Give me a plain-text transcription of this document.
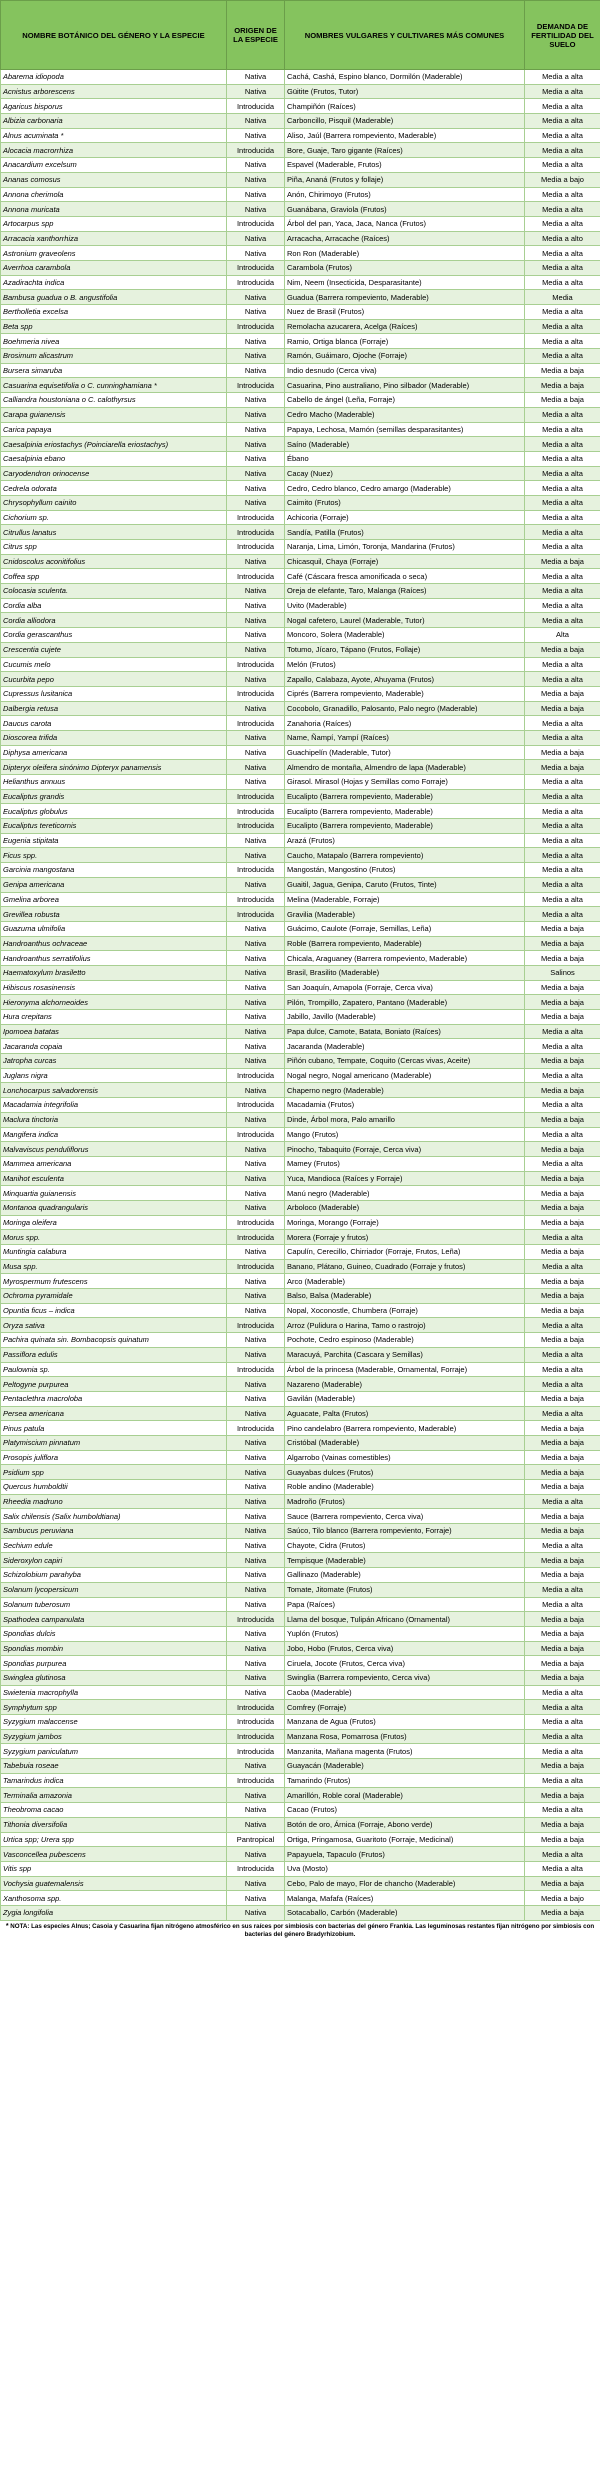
NOMBRE BOTÁNICO DEL GÉNERO Y LA ESPECIE	ORIGEN DE LA ESPECIE	NOMBRES VULGARES Y CULTIVARES MÁS COMUNES	DEMANDA DE FERTILIDAD DEL SUELO
Abarema idiopoda	Nativa	Cachá, Cashá, Espino blanco, Dormilón (Maderable)	Media a alta
Acnistus arborescens	Nativa	Güitite (Frutos, Tutor)	Media a alta
Agaricus bisporus	Introducida	Champiñón (Raíces)	Media a alta
Albizia carbonaria	Nativa	Carboncillo, Pisquil (Maderable)	Media a alta
Alnus acuminata *	Nativa	Aliso, Jaúl (Barrera rompeviento, Maderable)	Media a alta
Alocacia macrorrhiza	Introducida	Bore, Guaje, Taro gigante (Raíces)	Media a alta
Anacardium excelsum	Nativa	Espavel (Maderable, Frutos)	Media a alta
Ananas comosus	Nativa	Piña, Ananá (Frutos y follaje)	Media a bajo
Annona cherimola	Nativa	Anón, Chirimoyo (Frutos)	Media a alta
Annona muricata	Nativa	Guanábana, Graviola (Frutos)	Media a alta
Artocarpus spp	Introducida	Árbol del pan, Yaca, Jaca, Nanca (Frutos)	Media a alta
Arracacia xanthorrhiza	Nativa	Arracacha, Arracache (Raíces)	Media a alto
Astronium graveolens	Nativa	Ron Ron (Maderable)	Media a alta
Averrhoa carambola	Introducida	Carambola (Frutos)	Media a alta
Azadirachta indica	Introducida	Nim, Neem (Insecticida, Desparasitante)	Media a alta
Bambusa guadua o B. angustifolia	Nativa	Guadua (Barrera rompeviento, Maderable)	Media
Bertholletia excelsa	Nativa	Nuez de Brasil (Frutos)	Media a alta
Beta spp	Introducida	Remolacha azucarera, Acelga (Raíces)	Media a alta
Boehmeria nivea	Nativa	Ramio, Ortiga blanca (Forraje)	Media a alta
Brosimum alicastrum	Nativa	Ramón, Guáimaro, Ojoche (Forraje)	Media a alta
Bursera simaruba	Nativa	Indio desnudo (Cerca viva)	Media a baja
Casuarina equisetifolia o C. cunninghamiana *	Introducida	Casuarina, Pino australiano, Pino silbador (Maderable)	Media a baja
Calliandra houstoniana o C. calothyrsus	Nativa	Cabello de ángel (Leña, Forraje)	Media a baja
Carapa guianensis	Nativa	Cedro Macho (Maderable)	Media a alta
Carica papaya	Nativa	Papaya, Lechosa, Mamón (semillas desparasitantes)	Media a alta
Caesalpinia eriostachys (Poinciarella eriostachys)	Nativa	Saíno (Maderable)	Media a alta
Caesalpinia ebano	Nativa	Ébano	Media a alta
Caryodendron orinocense	Nativa	Cacay (Nuez)	Media a alta
Cedrela odorata	Nativa	Cedro, Cedro blanco, Cedro amargo (Maderable)	Media a alta
Chrysophyllum cainito	Nativa	Caimito (Frutos)	Media a alta
Cichorium sp.	Introducida	Achicoria (Forraje)	Media a alta
Citrullus lanatus	Introducida	Sandía, Patilla (Frutos)	Media a alta
Citrus spp	Introducida	Naranja, Lima, Limón, Toronja, Mandarina (Frutos)	Media a alta
Cnidoscolus aconitifolius	Nativa	Chicasquil, Chaya (Forraje)	Media a baja
Coffea spp	Introducida	Café (Cáscara fresca amonificada o seca)	Media a alta
Colocasia sculenta.	Nativa	Oreja de elefante, Taro, Malanga (Raíces)	Media a alta
Cordia alba	Nativa	Uvito (Maderable)	Media a alta
Cordia alliodora	Nativa	Nogal cafetero, Laurel (Maderable, Tutor)	Media a alta
Cordia gerascanthus	Nativa	Moncoro, Solera (Maderable)	Alta
Crescentia cujete	Nativa	Totumo, Jícaro, Tápano (Frutos, Follaje)	Media a baja
Cucumis melo	Introducida	Melón (Frutos)	Media a alta
Cucurbita pepo	Nativa	Zapallo, Calabaza, Ayote, Ahuyama (Frutos)	Media a alta
Cupressus lusitanica	Introducida	Ciprés (Barrera rompeviento, Maderable)	Media a baja
Dalbergia retusa	Nativa	Cocobolo, Granadillo, Palosanto, Palo negro (Maderable)	Media a baja
Daucus carota	Introducida	Zanahoria (Raíces)	Media a alta
Dioscorea trifida	Nativa	Name, Ñampí, Yampí (Raíces)	Media a alta
Diphysa americana	Nativa	Guachipelín (Maderable, Tutor)	Media a baja
Dipteryx oleifera sinónimo Dipteryx panamensis	Nativa	Almendro de montaña, Almendro de lapa (Maderable)	Media a baja
Helianthus annuus	Nativa	Girasol. Mirasol (Hojas y Semillas como Forraje)	Media a alta
Eucaliptus grandis	Introducida	Eucalipto (Barrera rompeviento, Maderable)	Media a alta
Eucaliptus globulus	Introducida	Eucalipto (Barrera rompeviento, Maderable)	Media a alta
Eucaliptus tereticornis	Introducida	Eucalipto (Barrera rompeviento, Maderable)	Media a alta
Eugenia stipitata	Nativa	Arazá (Frutos)	Media a alta
Ficus spp.	Nativa	Caucho, Matapalo (Barrera rompeviento)	Media a alta
Garcinia mangostana	Introducida	Mangostán, Mangostino (Frutos)	Media a alta
Genipa americana	Nativa	Guaitil, Jagua, Genipa, Caruto (Frutos, Tinte)	Media a alta
Gmelina arborea	Introducida	Melina (Maderable, Forraje)	Media a alta
Grevillea robusta	Introducida	Gravilia (Maderable)	Media a alta
Guazuma ulmifolia	Nativa	Guácimo, Caulote (Forraje, Semillas, Leña)	Media a baja
Handroanthus ochraceae	Nativa	Roble (Barrera rompeviento, Maderable)	Media a baja
Handroanthus serratifolius	Nativa	Chicala, Araguaney (Barrera rompeviento, Maderable)	Media a baja
Haematoxylum brasiletto	Nativa	Brasil, Brasilito (Maderable)	Salinos
Hibiscus rosasinensis	Nativa	San Joaquín, Amapola (Forraje, Cerca viva)	Media a baja
Hieronyma alchorneoides	Nativa	Pilón, Trompillo, Zapatero, Pantano (Maderable)	Media a baja
Hura crepitans	Nativa	Jabillo, Javillo (Maderable)	Media a baja
Ipomoea batatas	Nativa	Papa dulce, Camote, Batata, Boniato (Raíces)	Media a alta
Jacaranda copaia	Nativa	Jacaranda (Maderable)	Media a alta
Jatropha curcas	Nativa	Piñón cubano, Tempate, Coquito (Cercas vivas, Aceite)	Media a baja
Juglans nigra	Introducida	Nogal negro, Nogal americano (Maderable)	Media a alta
Lonchocarpus salvadorensis	Nativa	Chaperno negro (Maderable)	Media a baja
Macadamia integrifolia	Introducida	Macadamia (Frutos)	Media a alta
Maclura tinctoria	Nativa	Dinde, Árbol mora, Palo amarillo	Media a baja
Mangifera indica	Introducida	Mango (Frutos)	Media a alta
Malvaviscus penduliflorus	Nativa	Pinocho, Tabaquito (Forraje, Cerca viva)	Media a baja
Mammea americana	Nativa	Mamey (Frutos)	Media a alta
Manihot esculenta	Nativa	Yuca, Mandioca (Raíces y Forraje)	Media a baja
Minquartia guianensis	Nativa	Manú negro (Maderable)	Media a baja
Montanoa quadrangularis	Nativa	Arboloco (Maderable)	Media a baja
Moringa oleifera	Introducida	Moringa, Morango (Forraje)	Media a baja
Morus spp.	Introducida	Morera (Forraje y frutos)	Media a alta
Muntingia calabura	Nativa	Capulín, Cerecillo, Chirriador (Forraje, Frutos, Leña)	Media a baja
Musa spp.	Introducida	Banano, Plátano, Guineo, Cuadrado (Forraje y frutos)	Media a alta
Myrospermum frutescens	Nativa	Arco (Maderable)	Media a baja
Ochroma pyramidale	Nativa	Balso, Balsa (Maderable)	Media a baja
Opuntia ficus – indica	Nativa	Nopal, Xoconostle, Chumbera (Forraje)	Media a baja
Oryza sativa	Introducida	Arroz (Pulidura o Harina, Tamo o rastrojo)	Media a alta
Pachira quinata sin. Bombacopsis quinatum	Nativa	Pochote, Cedro espinoso (Maderable)	Media a baja
Passiflora edulis	Nativa	Maracuyá, Parchita (Cascara y Semillas)	Media a alta
Paulownia sp.	Introducida	Árbol de la princesa (Maderable, Ornamental, Forraje)	Media a alta
Peltogyne purpurea	Nativa	Nazareno (Maderable)	Media a alta
Pentaclethra macroloba	Nativa	Gavilán (Maderable)	Media a baja
Persea americana	Nativa	Aguacate, Palta (Frutos)	Media a alta
Pinus patula	Introducida	Pino candelabro (Barrera rompeviento, Maderable)	Media a baja
Platymiscium pinnatum	Nativa	Cristóbal (Maderable)	Media a baja
Prosopis juliflora	Nativa	Algarrobo (Vainas comestibles)	Media a baja
Psidium spp	Nativa	Guayabas dulces (Frutos)	Media a baja
Quercus humboldtii	Nativa	Roble andino (Maderable)	Media a baja
Rheedia madruno	Nativa	Madroño (Frutos)	Media a alta
Salix chilensis (Salix humboldtiana)	Nativa	Sauce (Barrera rompeviento, Cerca viva)	Media a baja
Sambucus peruviana	Nativa	Saúco, Tilo blanco (Barrera rompeviento, Forraje)	Media a baja
Sechium edule	Nativa	Chayote, Cidra (Frutos)	Media a alta
Sideroxylon capiri	Nativa	Tempisque (Maderable)	Media a baja
Schizolobium parahyba	Nativa	Gallinazo (Maderable)	Media a baja
Solanum lycopersicum	Nativa	Tomate, Jitomate (Frutos)	Media a alta
Solanum tuberosum	Nativa	Papa (Raíces)	Media a alta
Spathodea campanulata	Introducida	Llama del bosque, Tulipán Africano (Ornamental)	Media a baja
Spondias dulcis	Nativa	Yuplón (Frutos)	Media a baja
Spondias mombin	Nativa	Jobo, Hobo (Frutos, Cerca viva)	Media a baja
Spondias purpurea	Nativa	Ciruela, Jocote (Frutos, Cerca viva)	Media a baja
Swinglea glutinosa	Nativa	Swinglia (Barrera rompeviento, Cerca viva)	Media a baja
Swietenia macrophylla	Nativa	Caoba (Maderable)	Media a alta
Symphytum spp	Introducida	Comfrey (Forraje)	Media a alta
Syzygium malaccense	Introducida	Manzana de Agua (Frutos)	Media a alta
Syzygium jambos	Introducida	Manzana Rosa, Pomarrosa (Frutos)	Media a alta
Syzygium paniculatum	Introducida	Manzanita, Mañana magenta (Frutos)	Media a alta
Tabebuia roseae	Nativa	Guayacán (Maderable)	Media a baja
Tamarindus indica	Introducida	Tamarindo (Frutos)	Media a alta
Terminalia amazonia	Nativa	Amarillón, Roble coral (Maderable)	Media a baja
Theobroma cacao	Nativa	Cacao (Frutos)	Media a alta
Tithonia diversifolia	Nativa	Botón de oro, Árnica (Forraje, Abono verde)	Media a baja
Urtica spp; Urera spp	Pantropical	Ortiga, Pringamosa, Guaritoto (Forraje, Medicinal)	Media a baja
Vasconcellea pubescens	Nativa	Papayuela, Tapaculo (Frutos)	Media a alta
Vitis spp	Introducida	Uva (Mosto)	Media a alta
Vochysia guatemalensis	Nativa	Cebo, Palo de mayo, Flor de chancho (Maderable)	Media a baja
Xanthosoma spp.	Nativa	Malanga, Mafafa (Raíces)	Media a bajo
Zygia longifolia	Nativa	Sotacaballo, Carbón (Maderable)	Media a baja
* NOTA: Las especies Alnus; Casoia y Casuarina fijan nitrógeno atmosférico en sus raíces por simbiosis con bacterias del género Frankia. Las leguminosas restantes fijan nitrógeno por simbiosis con bacterias del género Bradyrhizobium.
